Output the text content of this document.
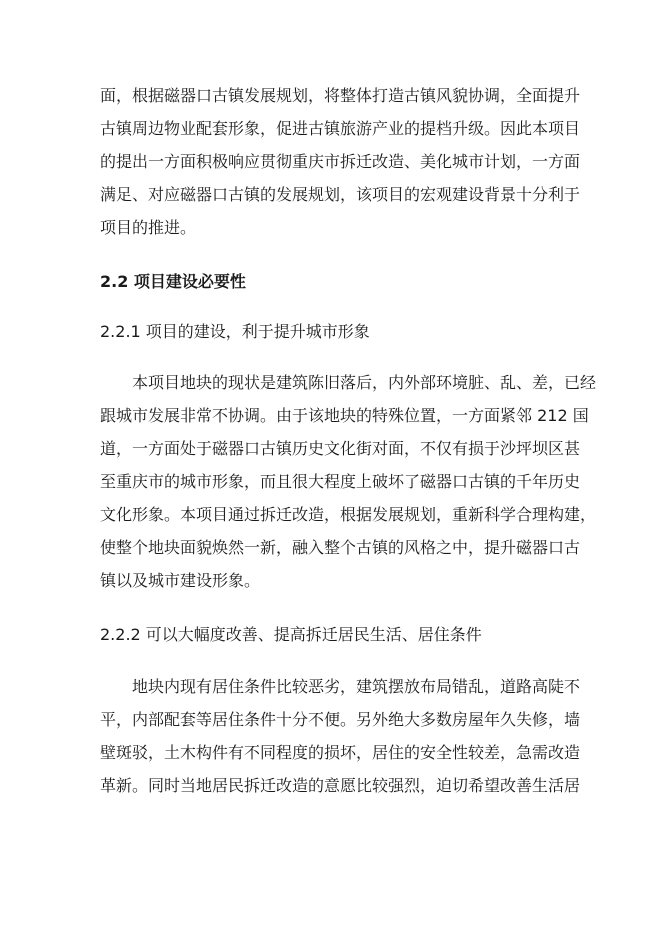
面，根据磁器口古镇发展规划，将整体打造古镇风貌协调，全面提升
古镇周边物业配套形象，促进古镇旅游产业的提档升级。因此本项目
的提出一方面积极响应贯彻重庆市拆迁改造、美化城市计划，一方面
满足、对应磁器口古镇的发展规划，该项目的宏观建设背景十分利于
项目的推进。
2.2 项目建设必要性
2.2.1 项目的建设，利于提升城市形象
本项目地块的现状是建筑陈旧落后，内外部环境脏、乱、差，已经
跟城市发展非常不协调。由于该地块的特殊位置，一方面紧邻 212 国
道，一方面处于磁器口古镇历史文化街对面，不仅有损于沙坪坝区甚
至重庆市的城市形象，而且很大程度上破坏了磁器口古镇的千年历史
文化形象。本项目通过拆迁改造，根据发展规划，重新科学合理构建，
使整个地块面貌焕然一新，融入整个古镇的风格之中，提升磁器口古
镇以及城市建设形象。
2.2.2 可以大幅度改善、提高拆迁居民生活、居住条件
地块内现有居住条件比较恶劣，建筑摆放布局错乱，道路高陡不
平，内部配套等居住条件十分不便。另外绝大多数房屋年久失修，墙
壁斑驳，土木构件有不同程度的损坏，居住的安全性较差，急需改造
革新。同时当地居民拆迁改造的意愿比较强烈，迫切希望改善生活居
